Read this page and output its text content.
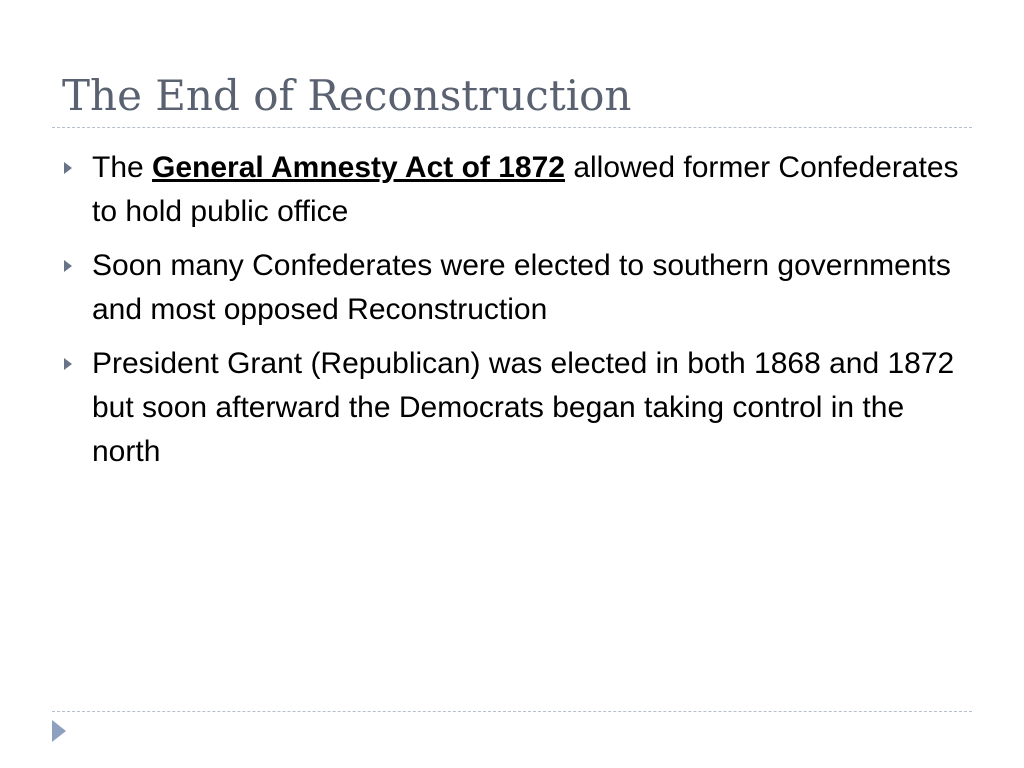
The End of Reconstruction
The General Amnesty Act of 1872 allowed former Confederates to hold public office
Soon many Confederates were elected to southern governments and most opposed Reconstruction
President Grant (Republican) was elected in both 1868 and 1872 but soon afterward the Democrats began taking control in the north
